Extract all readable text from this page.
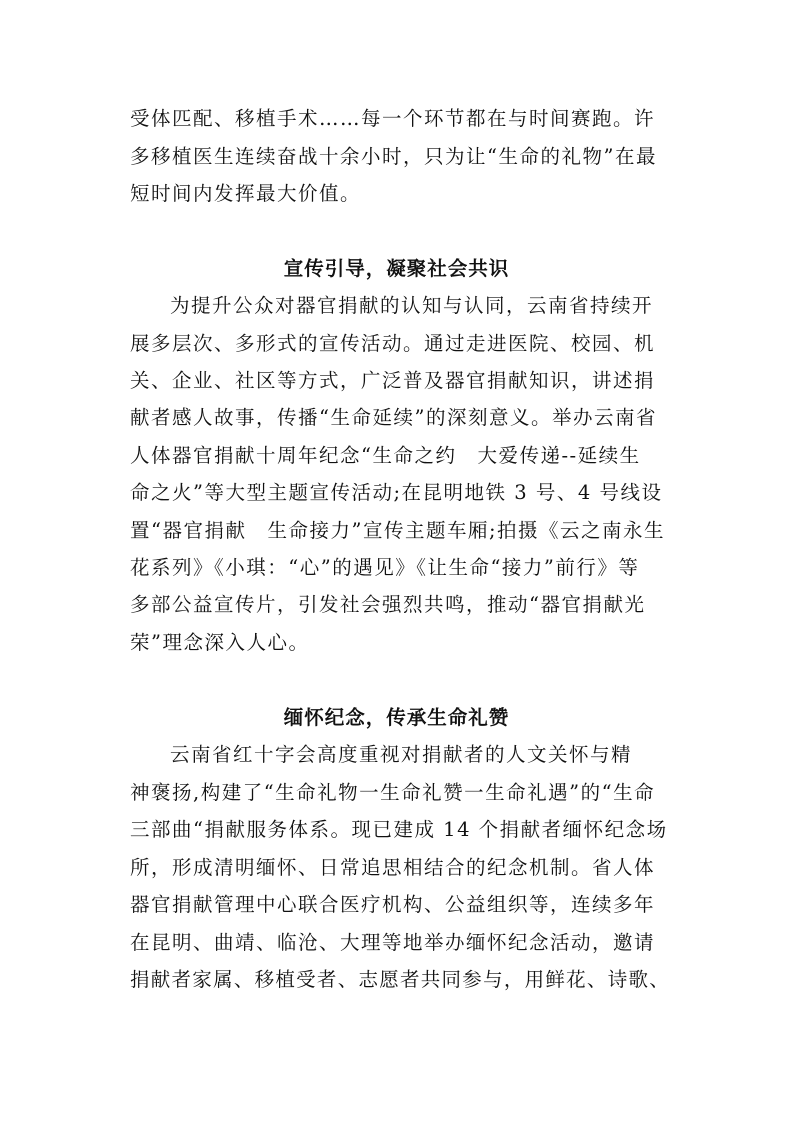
受体匹配、移植手术……每一个环节都在与时间赛跑。许
多移植医生连续奋战十余小时，只为让“生命的礼物”在最
短时间内发挥最大价值。
宣传引导，凝聚社会共识
为提升公众对器官捐献的认知与认同，云南省持续开
展多层次、多形式的宣传活动。通过走进医院、校园、机
关、企业、社区等方式，广泛普及器官捐献知识，讲述捐
献者感人故事，传播“生命延续”的深刻意义。举办云南省
人体器官捐献十周年纪念“生命之约　大爱传递--延续生
命之火”等大型主题宣传活动;在昆明地铁 3 号、4 号线设
置“器官捐献　生命接力”宣传主题车厢;拍摄《云之南永生
花系列》《小琪：“心”的遇见》《让生命“接力”前行》等
多部公益宣传片，引发社会强烈共鸣，推动“器官捐献光
荣”理念深入人心。
缅怀纪念，传承生命礼赞
云南省红十字会高度重视对捐献者的人文关怀与精
神褒扬,构建了“生命礼物一生命礼赞一生命礼遇”的“生命
三部曲“捐献服务体系。现已建成 14 个捐献者缅怀纪念场
所，形成清明缅怀、日常追思相结合的纪念机制。省人体
器官捐献管理中心联合医疗机构、公益组织等，连续多年
在昆明、曲靖、临沧、大理等地举办缅怀纪念活动，邀请
捐献者家属、移植受者、志愿者共同参与，用鲜花、诗歌、
